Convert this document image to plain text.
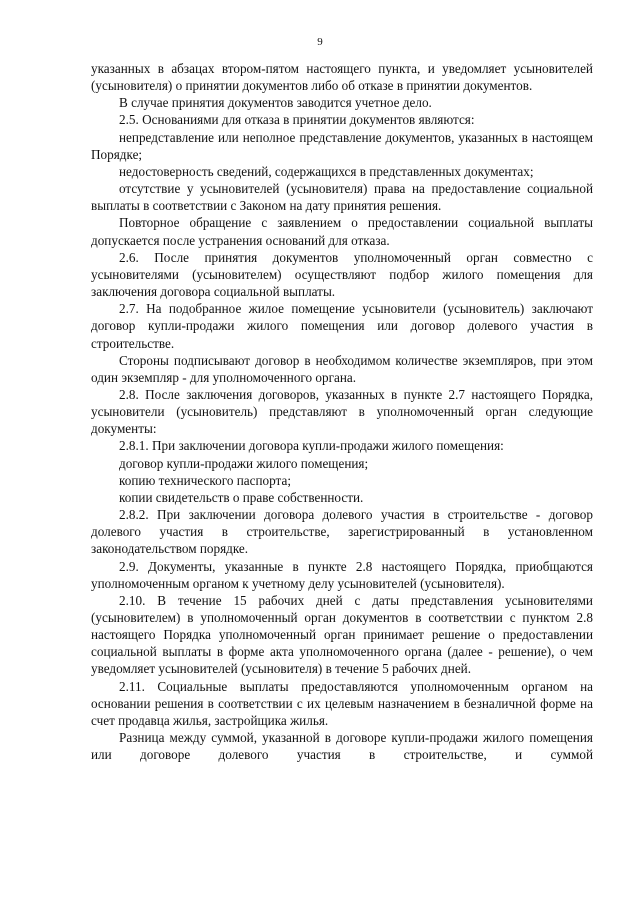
9

указанных в абзацах втором-пятом настоящего пункта, и уведомляет усыновителей (усыновителя) о принятии документов либо об отказе в принятии документов.

В случае принятия документов заводится учетное дело.

2.5. Основаниями для отказа в принятии документов являются:

непредставление или неполное представление документов, указанных в настоящем Порядке;

недостоверность сведений, содержащихся в представленных документах;

отсутствие у усыновителей (усыновителя) права на предоставление социальной выплаты в соответствии с Законом на дату принятия решения.

Повторное обращение с заявлением о предоставлении социальной выплаты допускается после устранения оснований для отказа.

2.6. После принятия документов уполномоченный орган совместно с усыновителями (усыновителем) осуществляют подбор жилого помещения для заключения договора социальной выплаты.

2.7. На подобранное жилое помещение усыновители (усыновитель) заключают договор купли-продажи жилого помещения или договор долевого участия в строительстве.

Стороны подписывают договор в необходимом количестве экземпляров, при этом один экземпляр - для уполномоченного органа.

2.8. После заключения договоров, указанных в пункте 2.7 настоящего Порядка, усыновители (усыновитель) представляют в уполномоченный орган следующие документы:

2.8.1. При заключении договора купли-продажи жилого помещения:

договор купли-продажи жилого помещения;

копию технического паспорта;

копии свидетельств о праве собственности.

2.8.2. При заключении договора долевого участия в строительстве - договор долевого участия в строительстве, зарегистрированный в установленном законодательством порядке.

2.9. Документы, указанные в пункте 2.8 настоящего Порядка, приобщаются уполномоченным органом к учетному делу усыновителей (усыновителя).

2.10. В течение 15 рабочих дней с даты представления усыновителями (усыновителем) в уполномоченный орган документов в соответствии с пунктом 2.8 настоящего Порядка уполномоченный орган принимает решение о предоставлении социальной выплаты в форме акта уполномоченного органа (далее - решение), о чем уведомляет усыновителей (усыновителя) в течение 5 рабочих дней.

2.11. Социальные выплаты предоставляются уполномоченным органом на основании решения в соответствии с их целевым назначением в безналичной форме на счет продавца жилья, застройщика жилья.

Разница между суммой, указанной в договоре купли-продажи жилого помещения или договоре долевого участия в строительстве, и суммой
